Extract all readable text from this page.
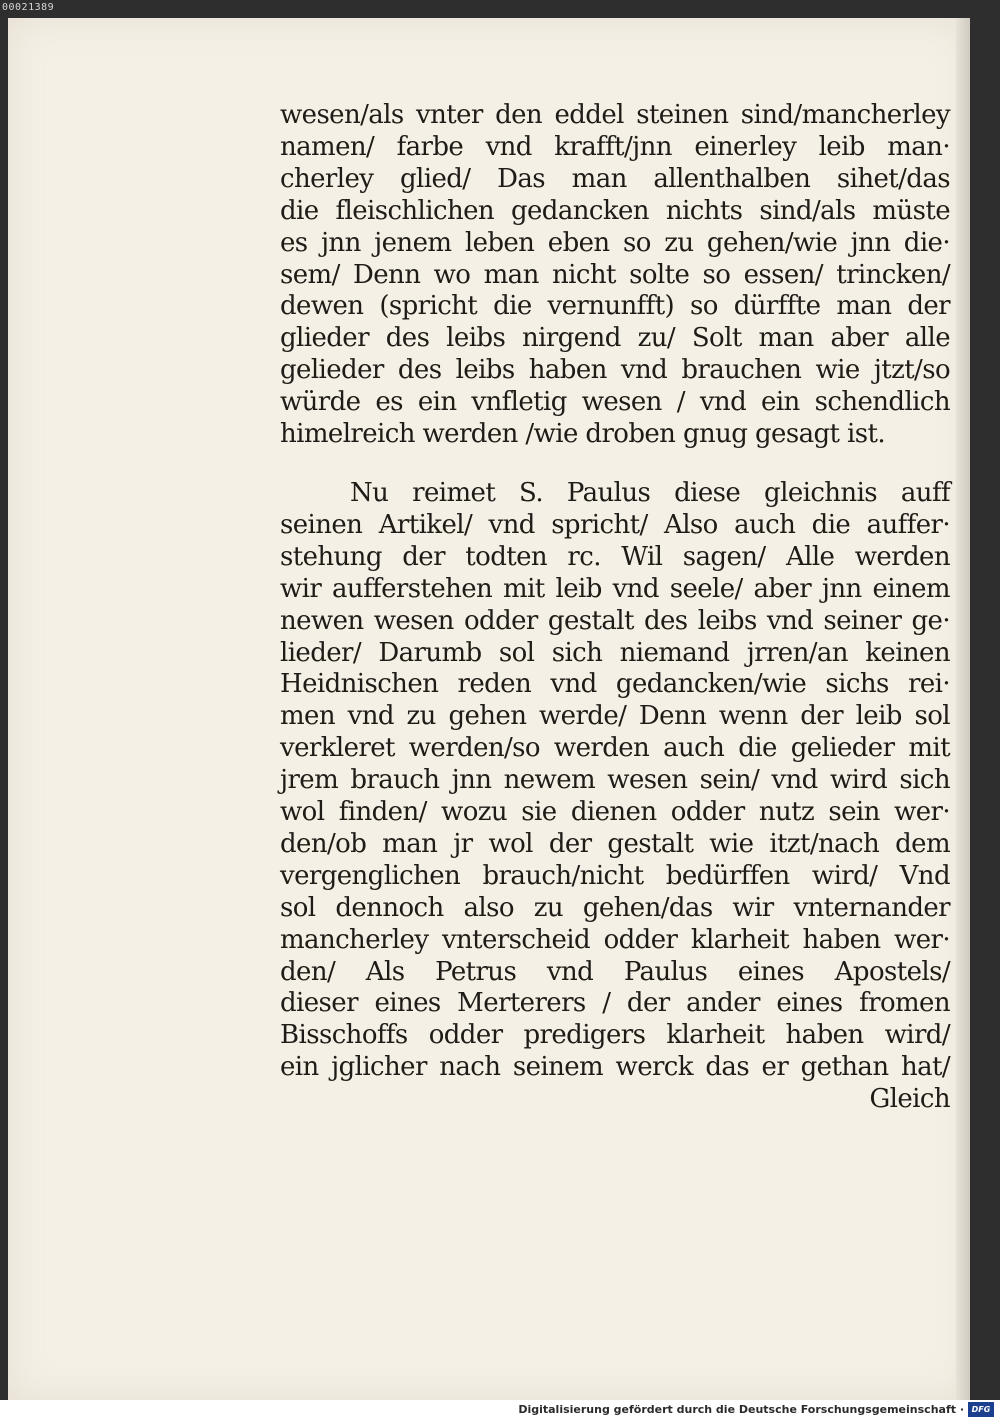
00021389
wesen/als vnter den eddel steinen sind/mancherley
namen/ farbe vnd krafft/jnn einerley leib man·
cherley glied/ Das man allenthalben sihet/das
die fleischlichen gedancken nichts sind/als müste
es jnn jenem leben eben so zu gehen/wie jnn die·
sem/ Denn wo man nicht solte so essen/ trincken/
dewen (spricht die vernunfft) so dürffte man der
glieder des leibs nirgend zu/ Solt man aber alle
gelieder des leibs haben vnd brauchen wie jtzt/so
würde es ein vnfletig wesen / vnd ein schendlich
himelreich werden /wie droben gnug gesagt ist.
Nu reimet S. Paulus diese gleichnis auff
seinen Artikel/ vnd spricht/ Also auch die auffer·
stehung der todten rc. Wil sagen/ Alle werden
wir aufferstehen mit leib vnd seele/ aber jnn einem
newen wesen odder gestalt des leibs vnd seiner ge·
lieder/ Darumb sol sich niemand jrren/an keinen
Heidnischen reden vnd gedancken/wie sichs rei·
men vnd zu gehen werde/ Denn wenn der leib sol
verkleret werden/so werden auch die gelieder mit
jrem brauch jnn newem wesen sein/ vnd wird sich
wol finden/ wozu sie dienen odder nutz sein wer·
den/ob man jr wol der gestalt wie itzt/nach dem
vergenglichen brauch/nicht bedürffen wird/ Vnd
sol dennoch also zu gehen/das wir vnternander
mancherley vnterscheid odder klarheit haben wer·
den/ Als Petrus vnd Paulus eines Apostels/
dieser eines Merterers / der ander eines fromen
Bisschoffs odder predigers klarheit haben wird/
ein jglicher nach seinem werck das er gethan hat/
Gleich
Digitalisierung gefördert durch die Deutsche Forschungsgemeinschaft · DFG
